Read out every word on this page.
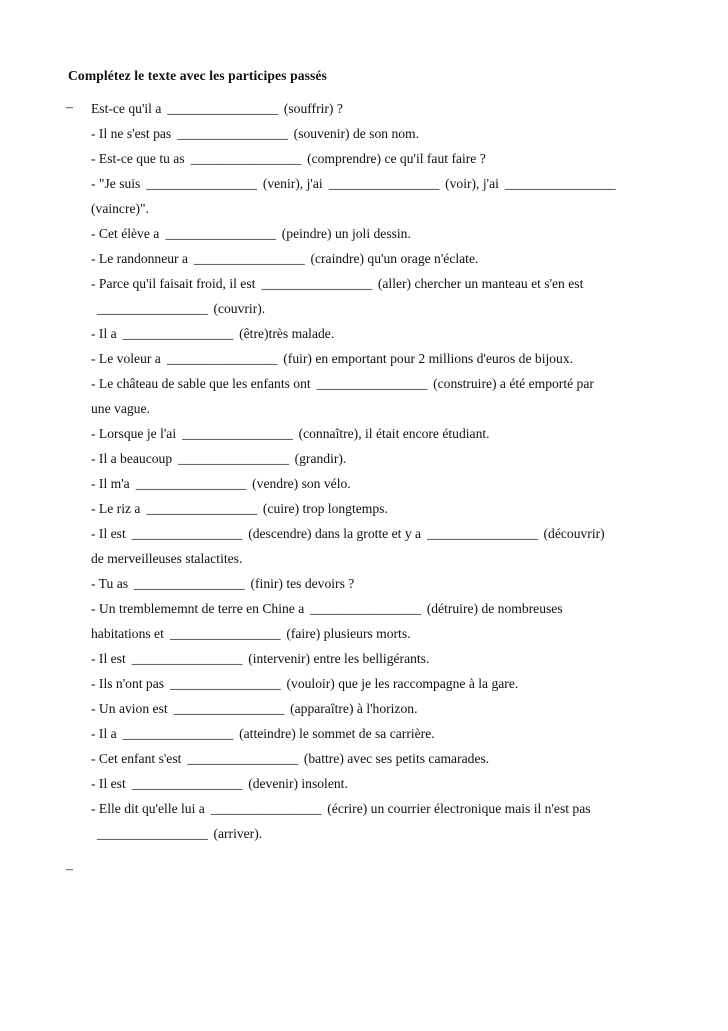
Complétez le texte avec les participes passés
– Est-ce qu'il a _________________ (souffrir) ?
- Il ne s'est pas _________________ (souvenir) de son nom.
- Est-ce que tu as _________________ (comprendre) ce qu'il faut faire ?
- "Je suis _________________ (venir), j'ai _________________ (voir), j'ai _________________
(vaincre)".
- Cet élève a _________________ (peindre) un joli dessin.
- Le randonneur a _________________ (craindre) qu'un orage n'éclate.
- Parce qu'il faisait froid, il est _________________ (aller) chercher un manteau et s'en est
_________________ (couvrir).
- Il a _________________ (être)très malade.
- Le voleur a _________________ (fuir) en emportant pour 2 millions d'euros de bijoux.
- Le château de sable que les enfants ont _________________ (construire) a été emporté par
une vague.
- Lorsque je l'ai _________________ (connaître), il était encore étudiant.
- Il a beaucoup _________________ (grandir).
- Il m'a _________________ (vendre) son vélo.
- Le riz a _________________ (cuire) trop longtemps.
- Il est _________________ (descendre) dans la grotte et y a _________________ (découvrir)
de merveilleuses stalactites.
- Tu as _________________ (finir) tes devoirs ?
- Un tremblememnt de terre en Chine a _________________ (détruire) de nombreuses
habitations et _________________ (faire) plusieurs morts.
- Il est _________________ (intervenir) entre les belligérants.
- Ils n'ont pas _________________ (vouloir) que je les raccompagne à la gare.
- Un avion est _________________ (apparaître) à l'horizon.
- Il a _________________ (atteindre) le sommet de sa carrière.
- Cet enfant s'est _________________ (battre) avec ses petits camarades.
- Il est _________________ (devenir) insolent.
- Elle dit qu'elle lui a _________________ (écrire) un courrier électronique mais il n'est pas
_________________ (arriver).
–
